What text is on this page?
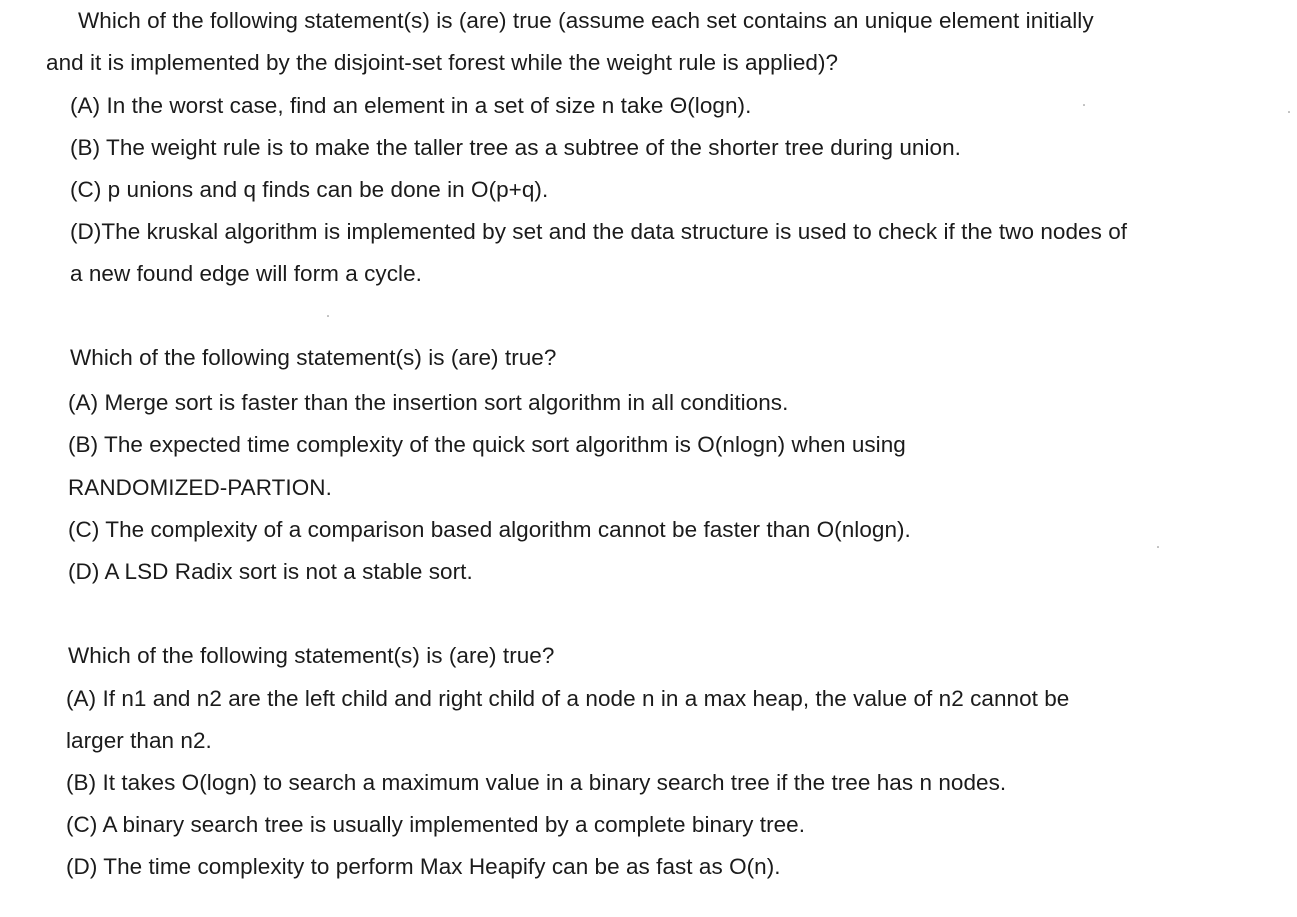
Which of the following statement(s) is (are) true (assume each set contains an unique element initially
and it is implemented by the disjoint-set forest while the weight rule is applied)?
(A) In the worst case, find an element in a set of size n take Θ(logn).
(B) The weight rule is to make the taller tree as a subtree of the shorter tree during union.
(C) p unions and q finds can be done in O(p+q).
(D)The kruskal algorithm is implemented by set and the data structure is used to check if the two nodes of
a new found edge will form a cycle.
Which of the following statement(s) is (are) true?
(A) Merge sort is faster than the insertion sort algorithm in all conditions.
(B) The expected time complexity of the quick sort algorithm is O(nlogn) when using
RANDOMIZED-PARTION.
(C) The complexity of a comparison based algorithm cannot be faster than O(nlogn).
(D) A LSD Radix sort is not a stable sort.
Which of the following statement(s) is (are) true?
(A) If n1 and n2 are the left child and right child of a node n in a max heap, the value of n2 cannot be
larger than n2.
(B) It takes O(logn) to search a maximum value in a binary search tree if the tree has n nodes.
(C) A binary search tree is usually implemented by a complete binary tree.
(D) The time complexity to perform Max Heapify can be as fast as O(n).
